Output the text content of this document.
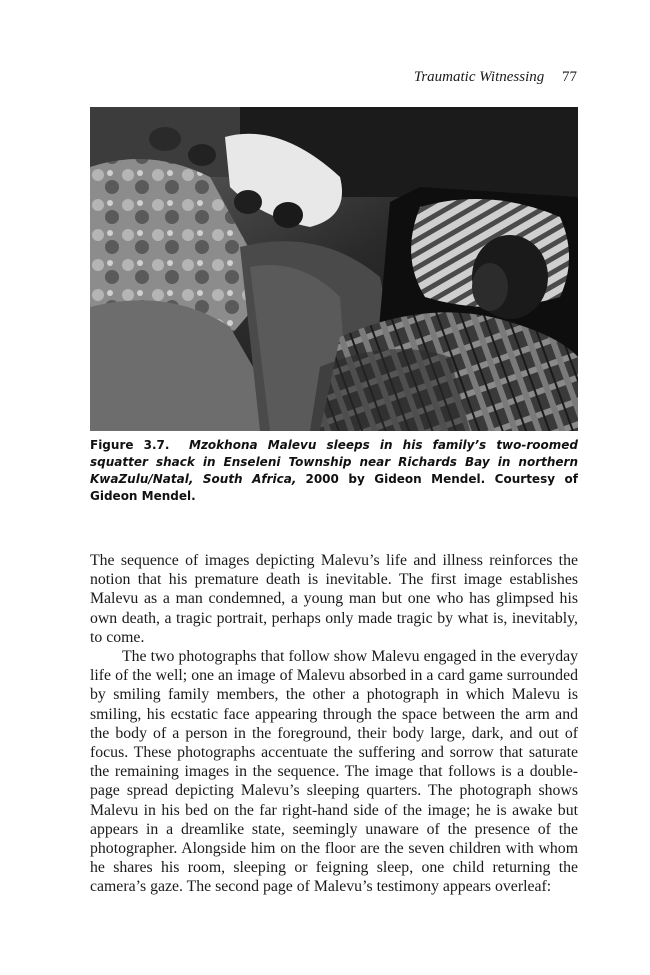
Traumatic Witnessing 77
Figure 3.7. Mzokhona Malevu sleeps in his family’s two-roomed squatter shack in Enseleni Township near Richards Bay in northern KwaZulu/Natal, South Africa, 2000 by Gideon Mendel. Courtesy of Gideon Mendel.

The sequence of images depicting Malevu’s life and illness reinforces the notion that his premature death is inevitable. The first image establishes Malevu as a man condemned, a young man but one who has glimpsed his own death, a tragic portrait, perhaps only made tragic by what is, inevitably, to come.

The two photographs that follow show Malevu engaged in the everyday life of the well; one an image of Malevu absorbed in a card game surrounded by smiling family members, the other a photograph in which Malevu is smiling, his ecstatic face appearing through the space between the arm and the body of a person in the foreground, their body large, dark, and out of focus. These photographs accentuate the suffering and sorrow that saturate the remaining images in the sequence. The image that follows is a double-page spread depicting Malevu’s sleeping quarters. The photograph shows Malevu in his bed on the far right-hand side of the image; he is awake but appears in a dreamlike state, seemingly unaware of the presence of the photographer. Alongside him on the floor are the seven children with whom he shares his room, sleeping or feigning sleep, one child returning the camera’s gaze. The second page of Malevu’s testimony appears overleaf:
